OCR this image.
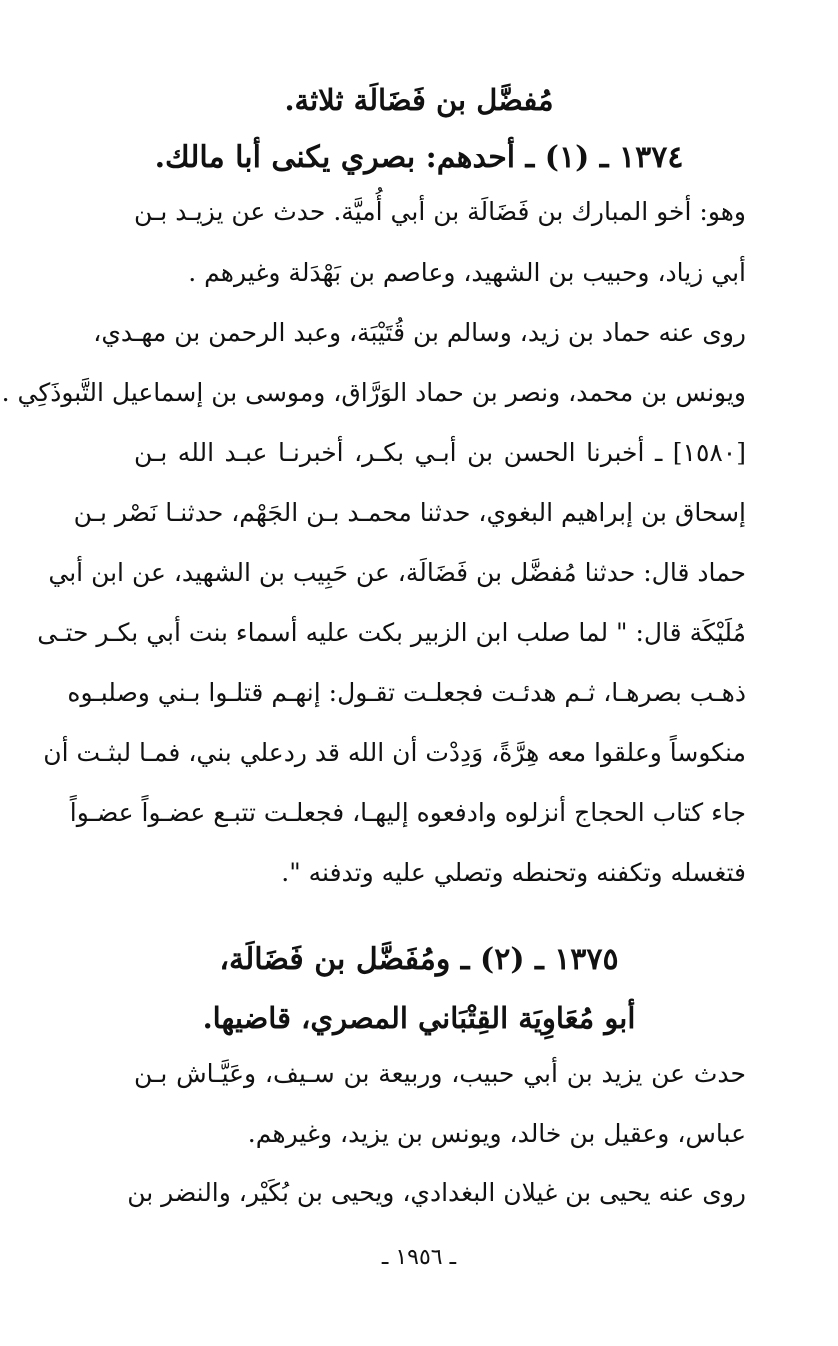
مُفضَّل بن فَضَالَة ثلاثة.
١٣٧٤ ـ (١) ـ أحدهم: بصري يكنى أبا مالك.
وهو: أخو المبارك بن فَضَالَة بن أبي أُميَّة. حدث عن يزيـد بـن
أبي زياد، وحبيب بن الشهيد، وعاصم بن بَهْدَلة وغيرهم .
روى عنه حماد بن زيد، وسالم بن قُتَيْبَة، وعبد الرحمن بن مهـدي،
ويونس بن محمد، ونصر بن حماد الوَرَّاق، وموسى بن إسماعيل التَّبوذَكِي .
[١٥٨٠] ـ أخبرنا الحسن بن أبـي بكـر، أخبرنـا عبـد الله بـن
إسحاق بن إبراهيم البغوي، حدثنا محمـد بـن الجَهْم، حدثنـا نَصْر بـن
حماد قال: حدثنا مُفضَّل بن فَضَالَة، عن حَبِيب بن الشهيد، عن ابن أبي
مُلَيْكَة قال: " لما صلب ابن الزبير بكت عليه أسماء بنت أبي بكـر حتـى
ذهـب بصرهـا، ثـم هدئـت فجعلـت تقـول: إنهـم قتلـوا بـني وصلبـوه
منكوساً وعلقوا معه هِرَّةً، وَدِدْت أن الله قد ردعلي بني، فمـا لبثـت أن
جاء كتاب الحجاج أنزلوه وادفعوه إليهـا، فجعلـت تتبـع عضـواً عضـواً
فتغسله وتكفنه وتحنطه وتصلي عليه وتدفنه ".
١٣٧٥ ـ (٢) ـ ومُفَضَّل بن فَضَالَة،
أبو مُعَاوِيَة القِتْبَاني المصري، قاضيها.
حدث عن يزيد بن أبي حبيب، وربيعة بن سـيف، وعَيَّـاش بـن
عباس، وعقيل بن خالد، ويونس بن يزيد، وغيرهم.
روى عنه يحيى بن غيلان البغدادي، ويحيى بن بُكَيْر، والنضر بن
ـ ١٩٥٦ ـ
